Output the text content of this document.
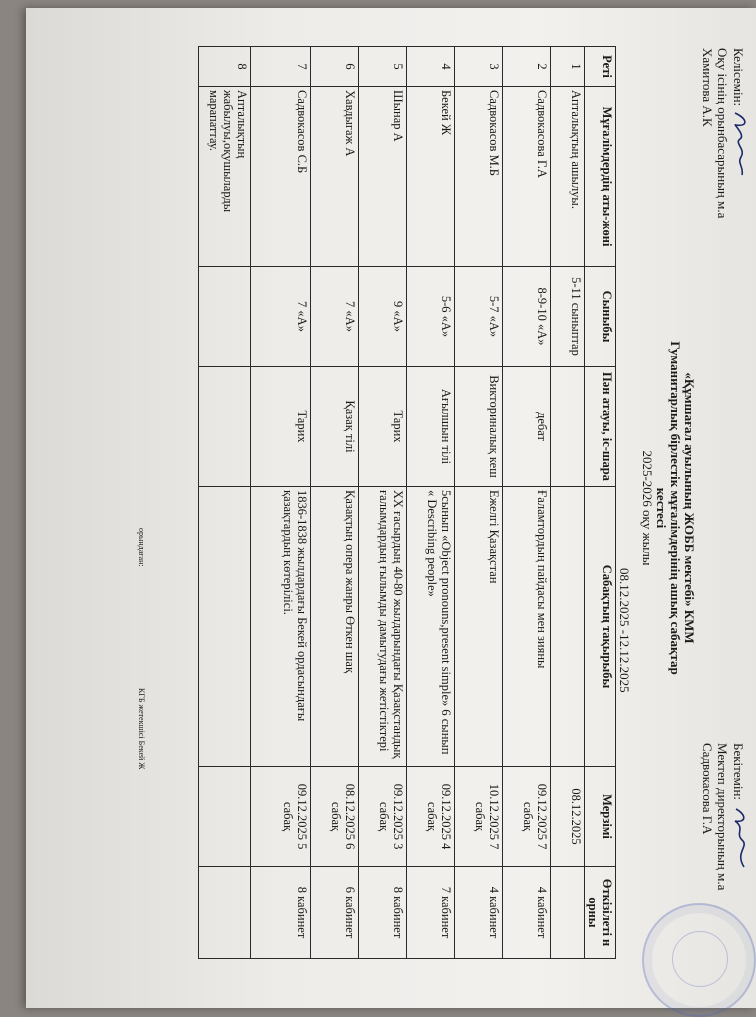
Келісемін:
Оқу ісінің орынбасарының м.а
Хамитова А.К
Бекітемін:
Мектеп директорының м.а
Садвокасова Г.А
«Құмшағал ауылының ЖОББ мектебі» КММ
Гуманитарлық бірлестік мұғалімдерінің ашық сабақтар
кестесі
2025-2026 оқу жылы
08.12.2025 -12.12.2025
Реті	Мұғалімдердің аты-жөні	Сыныбы	Пән атауы, іс-шара	Сабақтың тақырыбы	Мерзімі	Өткізілеті н орны
1	Апталықтың ашылуы.	5-11 сыныптар			08.12.2025	
2	Садвокасова Г.А	8-9-10 «А»	дебат	Ғаламтордың пайдасы мен зияны	09.12.2025 7 сабақ	4 кабинет
3	Садвокасов М.Б	5-7 «А»	Викториналық кеш	Ежелгі Қазақстан	10.12.2025 7 сабақ	4 кабинет
4	Бекей Ж	5-6 «А»	Ағылшын тілі	5сынып «Object pronouns,present simple» 6 сынып « Describing people»	09.12.2025 4 сабақ	7 кабинет
5	Шынар А	9 «А»	Тарих	XX ғасырдың 40-80 жылдарындағы Қазақстандық ғалымдардың ғылымды дамытудағы жетістіктері	09.12.2025 3 сабақ	8 кабинет
6	Хавдыгаж А	7 «А»	Қазақ тілі	Қазақтың опера жанры Өткен шақ	08.12.2025 6 сабақ	6 кабинет
7	Садвокасов С.Б	7 «А»	Тарих	1836-1838 жылдардағы Бекей ордасындағы қазақтардың көтерілісі.	09.12.2025 5 сабақ	8 кабинет
8	Апталықтың жабылуы,оқушыларды марапаттау.					
орындаған:
КГБ жетекшісі Бекей Ж
